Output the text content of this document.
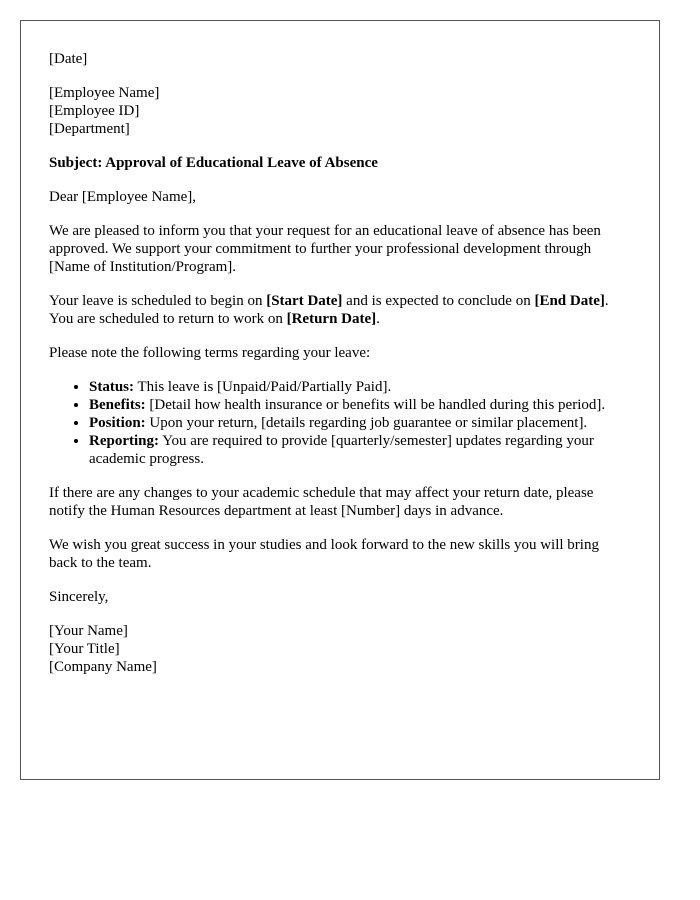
[Date]
[Employee Name]
[Employee ID]
[Department]
Subject: Approval of Educational Leave of Absence
Dear [Employee Name],
We are pleased to inform you that your request for an educational leave of absence has been approved. We support your commitment to further your professional development through [Name of Institution/Program].
Your leave is scheduled to begin on [Start Date] and is expected to conclude on [End Date]. You are scheduled to return to work on [Return Date].
Please note the following terms regarding your leave:
• Status: This leave is [Unpaid/Paid/Partially Paid].
• Benefits: [Detail how health insurance or benefits will be handled during this period].
• Position: Upon your return, [details regarding job guarantee or similar placement].
• Reporting: You are required to provide [quarterly/semester] updates regarding your academic progress.
If there are any changes to your academic schedule that may affect your return date, please notify the Human Resources department at least [Number] days in advance.
We wish you great success in your studies and look forward to the new skills you will bring back to the team.
Sincerely,
[Your Name]
[Your Title]
[Company Name]
